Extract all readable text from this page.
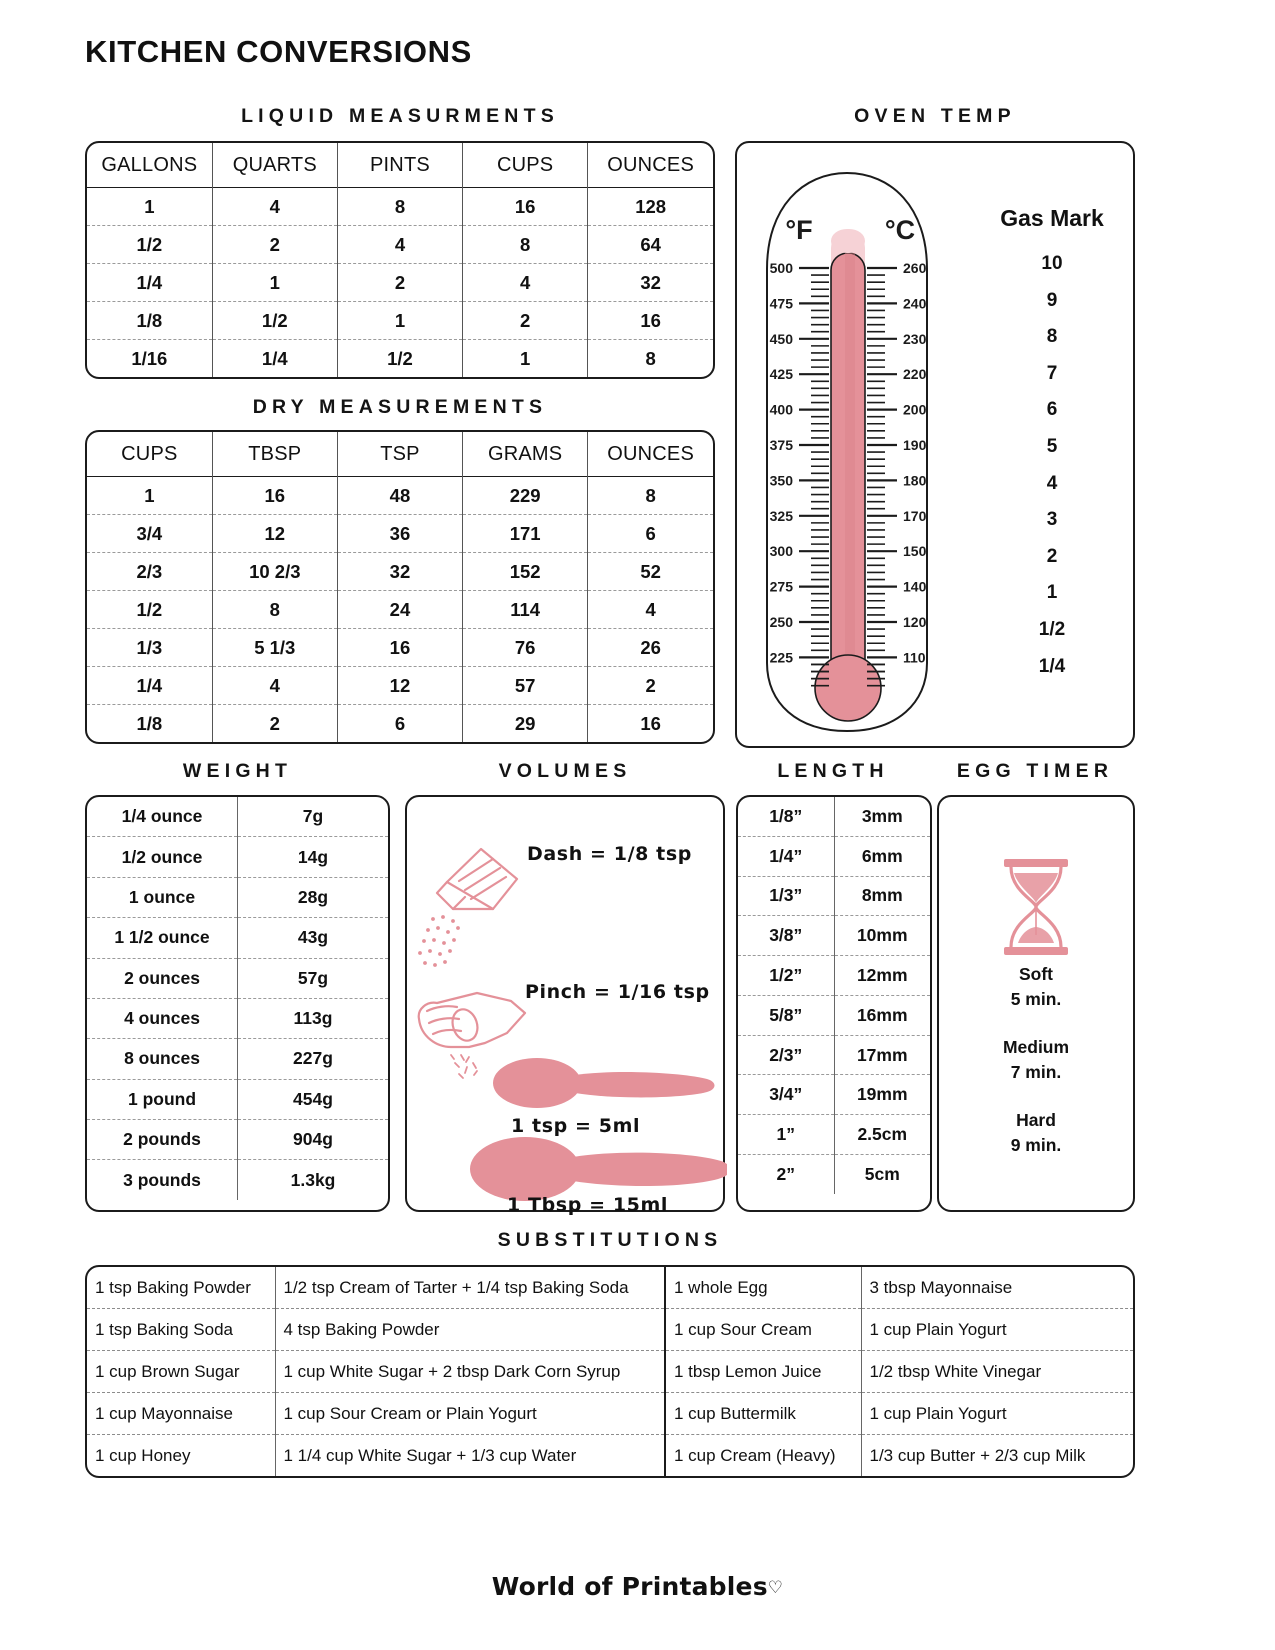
KITCHEN CONVERSIONS
LIQUID MEASURMENTS
GALLONS	QUARTS	PINTS	CUPS	OUNCES
1	4	8	16	128
1/2	2	4	8	64
1/4	1	2	4	32
1/8	1/2	1	2	16
1/16	1/4	1/2	1	8
DRY MEASUREMENTS
CUPS	TBSP	TSP	GRAMS	OUNCES
1	16	48	229	8
3/4	12	36	171	6
2/3	10 2/3	32	152	52
1/2	8	24	114	4
1/3	5 1/3	16	76	26
1/4	4	12	57	2
1/8	2	6	29	16
OVEN TEMP
500	260
475	240
450	230
425	220
400	200
375	190
350	180
325	170
300	150
275	140
250	120
225	110
°F	°C	Gas Mark
10
9
8
7
6
5
4
3
2
1
1/2
1/4
WEIGHT
1/4 ounce	7g
1/2 ounce	14g
1 ounce	28g
1 1/2 ounce	43g
2 ounces	57g
4 ounces	113g
8 ounces	227g
1 pound	454g
2 pounds	904g
3 pounds	1.3kg
VOLUMES
Dash = 1/8 tsp
Pinch = 1/16 tsp
1 tsp = 5ml
1 Tbsp = 15ml
LENGTH
1/8”	3mm
1/4”	6mm
1/3”	8mm
3/8”	10mm
1/2”	12mm
5/8”	16mm
2/3”	17mm
3/4”	19mm
1”	2.5cm
2”	5cm
EGG TIMER
Soft
5 min.
Medium
7 min.
Hard
9 min.
SUBSTITUTIONS
1 tsp Baking Powder	1/2 tsp Cream of Tarter + 1/4 tsp Baking Soda	1 whole Egg	3 tbsp Mayonnaise
1 tsp Baking Soda	4 tsp Baking Powder	1 cup Sour Cream	1 cup Plain Yogurt
1 cup Brown Sugar	1 cup White Sugar + 2 tbsp Dark Corn Syrup	1 tbsp Lemon Juice	1/2 tbsp White Vinegar
1 cup Mayonnaise	1 cup Sour Cream or Plain Yogurt	1 cup Buttermilk	1 cup Plain Yogurt
1 cup Honey	1 1/4 cup White Sugar + 1/3 cup Water	1 cup Cream (Heavy)	1/3 cup Butter + 2/3 cup Milk
World of Printables♡
